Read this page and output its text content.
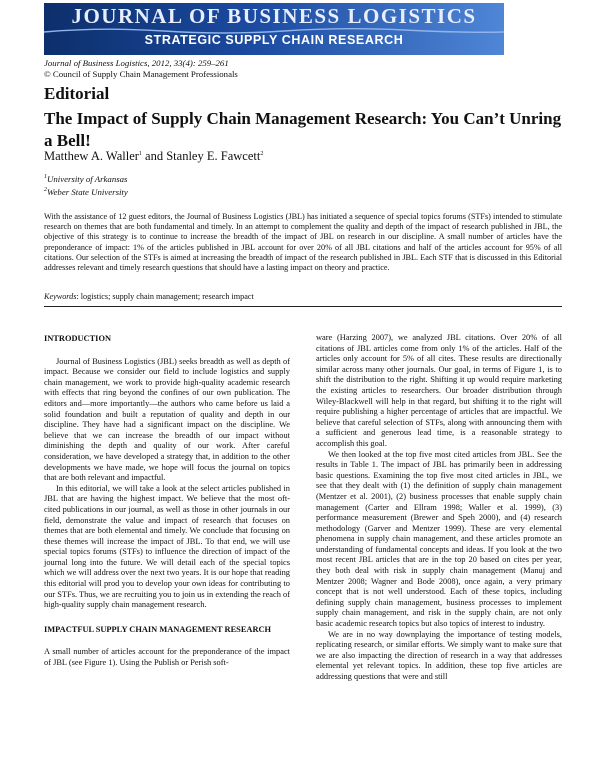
JOURNAL OF BUSINESS LOGISTICS
STRATEGIC SUPPLY CHAIN RESEARCH
Journal of Business Logistics, 2012, 33(4): 259–261
© Council of Supply Chain Management Professionals
Editorial
The Impact of Supply Chain Management Research: You Can’t Unring a Bell!
Matthew A. Waller$^1$ and Stanley E. Fawcett$^2$
$^1$University of Arkansas
$^2$Weber State University

With the assistance of 12 guest editors, the Journal of Business Logistics (JBL) has initiated a sequence of special topics forums (STFs) intended to stimulate research on themes that are both fundamental and timely. In an attempt to complement the quality and depth of the impact of research published in JBL, the objective of this strategy is to continue to increase the breadth of the impact of JBL on research in our discipline. A small number of articles have the preponderance of impact: 1% of the articles published in JBL account for over 20% of all JBL citations and half of the articles account for 95% of all citations. Our selection of the STFs is aimed at increasing the breadth of impact of the research published in JBL. Each STF that is discussed in this Editorial addresses relevant and timely research questions that should have a lasting impact on theory and practice.

Keywords: logistics; supply chain management; research impact
INTRODUCTION

Journal of Business Logistics (JBL) seeks breadth as well as depth of impact. Because we consider our field to include logistics and supply chain management, we work to provide high-quality academic research with effects that ring beyond the confines of our own publication. The editors and—more importantly—the authors who came before us laid a solid foundation and built a reputation of quality and depth in our discipline. They have had a significant impact on the discipline. We believe that we can increase the breadth of our impact without diminishing the depth and quality of our work. After careful consideration, we have developed a strategy that, in addition to the other developments we have made, we hope will focus the journal on topics that are both relevant and impactful.

In this editorial, we will take a look at the select articles published in JBL that are having the highest impact. We believe that the most oft-cited publications in our journal, as well as those in other journals in our field, demonstrate the value and impact of research that focuses on themes that are both elemental and timely. We conclude that focusing on these themes will increase the impact of JBL. To that end, we will use special topics forums (STFs) to influence the direction of impact of the journal long into the future. We will detail each of the special topics which we will address over the next two years. It is our hope that reading this editorial will prod you to develop your own ideas for contributing to our STFs. Thus, we are recruiting you to join us in extending the reach of high-quality supply chain management research.

IMPACTFUL SUPPLY CHAIN MANAGEMENT RESEARCH

A small number of articles account for the preponderance of the impact of JBL (see Figure 1). Using the Publish or Perish soft-

ware (Harzing 2007), we analyzed JBL citations. Over 20% of all citations of JBL articles come from only 1% of the articles. Half of the articles only account for 5% of all cites. These results are directionally similar across many other journals. Our goal, in terms of Figure 1, is to shift the distribution to the right. Shifting it up would require marketing the existing articles to researchers. Our broader distribution through Wiley-Blackwell will help in that regard, but shifting it to the right will require publishing a higher percentage of articles that are impactful. We believe that careful selection of STFs, along with announcing them with a sufficient and generous lead time, is a reasonable strategy to accomplish this goal.

We then looked at the top five most cited articles from JBL. See the results in Table 1. The impact of JBL has primarily been in addressing basic questions. Examining the top five most cited articles in JBL, we see that they dealt with (1) the definition of supply chain management (Mentzer et al. 2001), (2) business processes that enable supply chain management (Carter and Ellram 1998; Waller et al. 1999), (3) performance measurement (Brewer and Speh 2000), and (4) research methodology (Garver and Mentzer 1999). These are very elemental phenomena in supply chain management, and these articles promote an understanding of fundamental concepts and ideas. If you look at the two most recent JBL articles that are in the top 20 based on cites per year, they both deal with risk in supply chain management (Manuj and Mentzer 2008; Wagner and Bode 2008), once again, a very primary concept that is not well understood. Each of these topics, including defining supply chain management, business processes to implement supply chain management, and risk in the supply chain, are not only basic academic research topics but also topics of interest to industry.

We are in no way downplaying the importance of testing models, replicating research, or similar efforts. We simply want to make sure that we are also impacting the direction of research in a way that addresses elemental yet relevant topics. In addition, these top five articles are addressing questions that were and still
